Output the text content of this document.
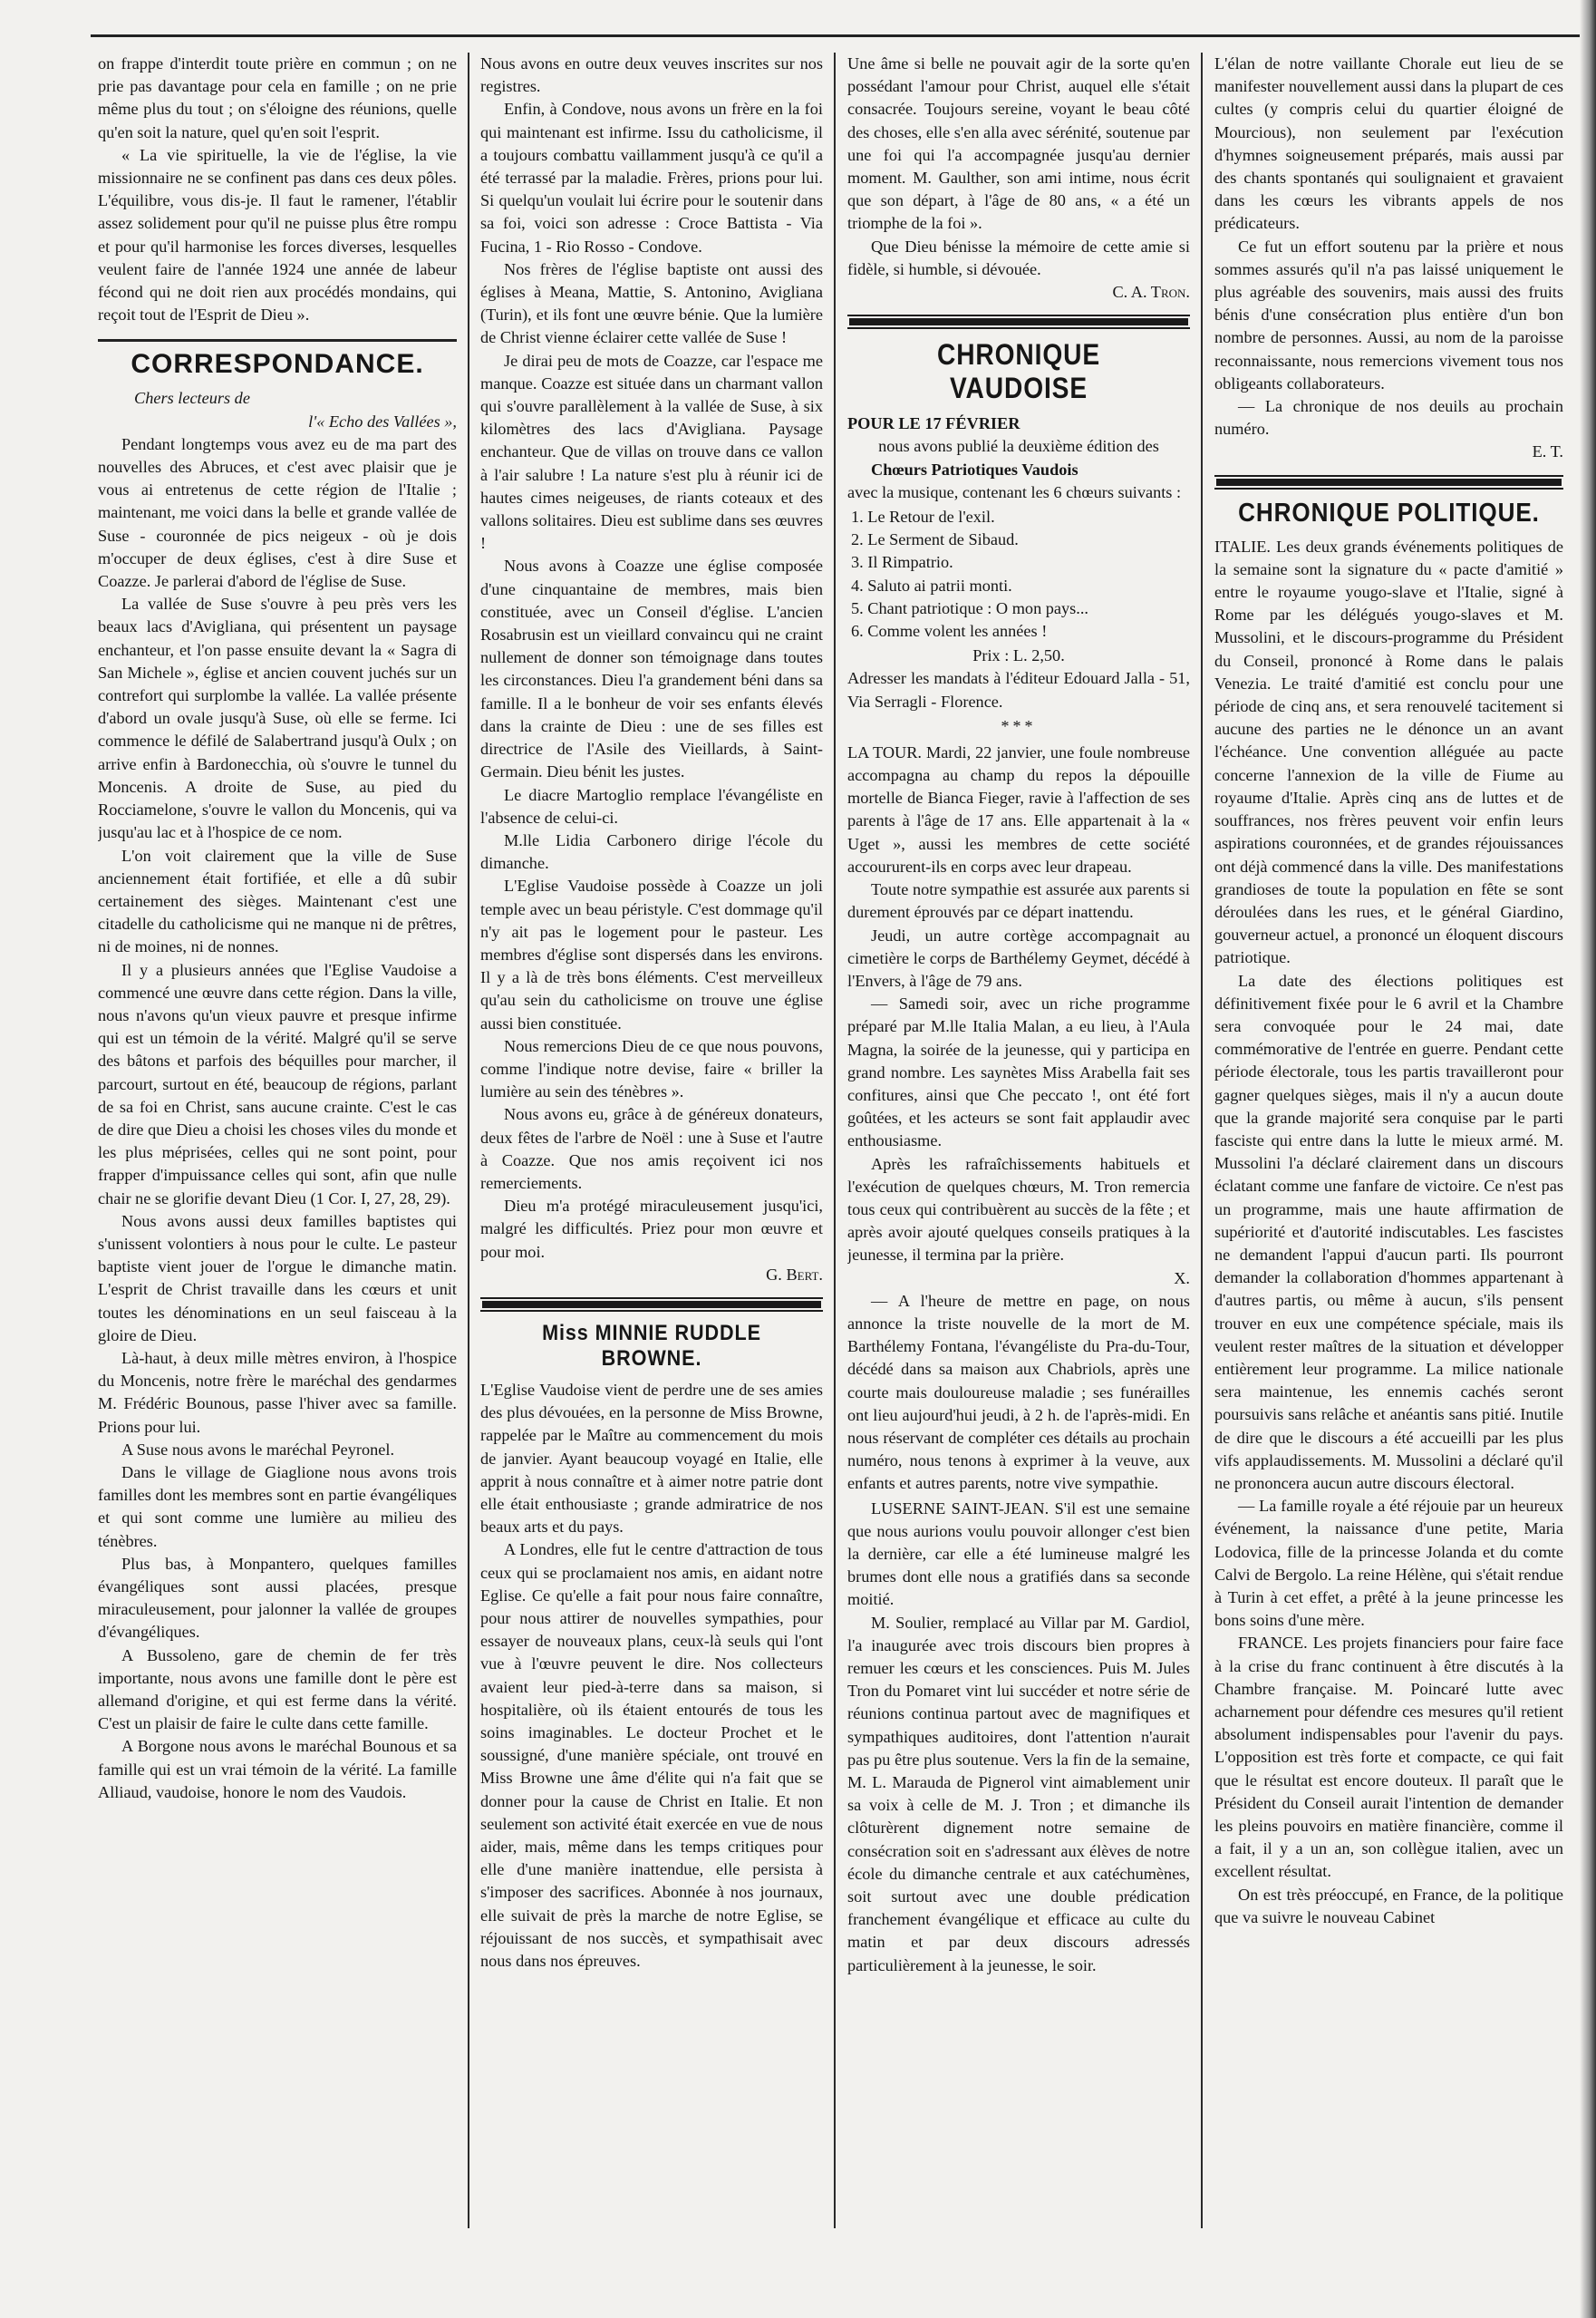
on frappe d'interdit toute prière en commun ; on ne prie pas davantage pour cela en famille ; on ne prie même plus du tout ; on s'éloigne des réunions, quelle qu'en soit la nature, quel qu'en soit l'esprit.

« La vie spirituelle, la vie de l'église, la vie missionnaire ne se confinent pas dans ces deux pôles. L'équilibre, vous dis-je. Il faut le ramener, l'établir assez solidement pour qu'il ne puisse plus être rompu et pour qu'il harmonise les forces diverses, lesquelles veulent faire de l'année 1924 une année de labeur fécond qui ne doit rien aux procédés mondains, qui reçoit tout de l'Esprit de Dieu ».

CORRESPONDANCE.

Chers lecteurs de

l'« Echo des Vallées »,

Pendant longtemps vous avez eu de ma part des nouvelles des Abruces, et c'est avec plaisir que je vous ai entretenus de cette région de l'Italie ; maintenant, me voici dans la belle et grande vallée de Suse - couronnée de pics neigeux - où je dois m'occuper de deux églises, c'est à dire Suse et Coazze. Je parlerai d'abord de l'église de Suse.

La vallée de Suse s'ouvre à peu près vers les beaux lacs d'Avigliana, qui présentent un paysage enchanteur, et l'on passe ensuite devant la « Sagra di San Michele », église et ancien couvent juchés sur un contrefort qui surplombe la vallée. La vallée présente d'abord un ovale jusqu'à Suse, où elle se ferme. Ici commence le défilé de Salabertrand jusqu'à Oulx ; on arrive enfin à Bardonecchia, où s'ouvre le tunnel du Moncenis. A droite de Suse, au pied du Rocciamelone, s'ouvre le vallon du Moncenis, qui va jusqu'au lac et à l'hospice de ce nom.

L'on voit clairement que la ville de Suse anciennement était fortifiée, et elle a dû subir certainement des sièges. Maintenant c'est une citadelle du catholicisme qui ne manque ni de prêtres, ni de moines, ni de nonnes.

Il y a plusieurs années que l'Eglise Vaudoise a commencé une œuvre dans cette région. Dans la ville, nous n'avons qu'un vieux pauvre et presque infirme qui est un témoin de la vérité. Malgré qu'il se serve des bâtons et parfois des béquilles pour marcher, il parcourt, surtout en été, beaucoup de régions, parlant de sa foi en Christ, sans aucune crainte. C'est le cas de dire que Dieu a choisi les choses viles du monde et les plus méprisées, celles qui ne sont point, pour frapper d'impuissance celles qui sont, afin que nulle chair ne se glorifie devant Dieu (1 Cor. I, 27, 28, 29).

Nous avons aussi deux familles baptistes qui s'unissent volontiers à nous pour le culte. Le pasteur baptiste vient jouer de l'orgue le dimanche matin. L'esprit de Christ travaille dans les cœurs et unit toutes les dénominations en un seul faisceau à la gloire de Dieu.

Là-haut, à deux mille mètres environ, à l'hospice du Moncenis, notre frère le maréchal des gendarmes M. Frédéric Bounous, passe l'hiver avec sa famille. Prions pour lui.

A Suse nous avons le maréchal Peyronel.

Dans le village de Giaglione nous avons trois familles dont les membres sont en partie évangéliques et qui sont comme une lumière au milieu des ténèbres.

Plus bas, à Monpantero, quelques familles évangéliques sont aussi placées, presque miraculeusement, pour jalonner la vallée de groupes d'évangéliques.

A Bussoleno, gare de chemin de fer très importante, nous avons une famille dont le père est allemand d'origine, et qui est ferme dans la vérité. C'est un plaisir de faire le culte dans cette famille.

A Borgone nous avons le maréchal Bounous et sa famille qui est un vrai témoin de la vérité. La famille Alliaud, vaudoise, honore le nom des Vaudois.

Nous avons en outre deux veuves inscrites sur nos registres.

Enfin, à Condove, nous avons un frère en la foi qui maintenant est infirme. Issu du catholicisme, il a toujours combattu vaillamment jusqu'à ce qu'il a été terrassé par la maladie. Frères, prions pour lui. Si quelqu'un voulait lui écrire pour le soutenir dans sa foi, voici son adresse : Croce Battista - Via Fucina, 1 - Rio Rosso - Condove.

Nos frères de l'église baptiste ont aussi des églises à Meana, Mattie, S. Antonino, Avigliana (Turin), et ils font une œuvre bénie. Que la lumière de Christ vienne éclairer cette vallée de Suse !

Je dirai peu de mots de Coazze, car l'espace me manque. Coazze est située dans un charmant vallon qui s'ouvre parallèlement à la vallée de Suse, à six kilomètres des lacs d'Avigliana. Paysage enchanteur. Que de villas on trouve dans ce vallon à l'air salubre ! La nature s'est plu à réunir ici de hautes cimes neigeuses, de riants coteaux et des vallons solitaires. Dieu est sublime dans ses œuvres !

Nous avons à Coazze une église composée d'une cinquantaine de membres, mais bien constituée, avec un Conseil d'église. L'ancien Rosabrusin est un vieillard convaincu qui ne craint nullement de donner son témoignage dans toutes les circonstances. Dieu l'a grandement béni dans sa famille. Il a le bonheur de voir ses enfants élevés dans la crainte de Dieu : une de ses filles est directrice de l'Asile des Vieillards, à Saint-Germain. Dieu bénit les justes.

Le diacre Martoglio remplace l'évangéliste en l'absence de celui-ci.

M.lle Lidia Carbonero dirige l'école du dimanche.

L'Eglise Vaudoise possède à Coazze un joli temple avec un beau péristyle. C'est dommage qu'il n'y ait pas le logement pour le pasteur. Les membres d'église sont dispersés dans les environs. Il y a là de très bons éléments. C'est merveilleux qu'au sein du catholicisme on trouve une église aussi bien constituée.

Nous remercions Dieu de ce que nous pouvons, comme l'indique notre devise, faire « briller la lumière au sein des ténèbres ».

Nous avons eu, grâce à de généreux donateurs, deux fêtes de l'arbre de Noël : une à Suse et l'autre à Coazze. Que nos amis reçoivent ici nos remerciements.

Dieu m'a protégé miraculeusement jusqu'ici, malgré les difficultés. Priez pour mon œuvre et pour moi.

G. Bert.

Miss MINNIE RUDDLE BROWNE.

L'Eglise Vaudoise vient de perdre une de ses amies des plus dévouées, en la personne de Miss Browne, rappelée par le Maître au commencement du mois de janvier. Ayant beaucoup voyagé en Italie, elle apprit à nous connaître et à aimer notre patrie dont elle était enthousiaste ; grande admiratrice de nos beaux arts et du pays.

A Londres, elle fut le centre d'attraction de tous ceux qui se proclamaient nos amis, en aidant notre Eglise. Ce qu'elle a fait pour nous faire connaître, pour nous attirer de nouvelles sympathies, pour essayer de nouveaux plans, ceux-là seuls qui l'ont vue à l'œuvre peuvent le dire. Nos collecteurs avaient leur pied-à-terre dans sa maison, si hospitalière, où ils étaient entourés de tous les soins imaginables. Le docteur Prochet et le soussigné, d'une manière spéciale, ont trouvé en Miss Browne une âme d'élite qui n'a fait que se donner pour la cause de Christ en Italie. Et non seulement son activité était exercée en vue de nous aider, mais, même dans les temps critiques pour elle d'une manière inattendue, elle persista à s'imposer des sacrifices. Abonnée à nos journaux, elle suivait de près la marche de notre Eglise, se réjouissant de nos succès, et sympathisait avec nous dans nos épreuves.

Une âme si belle ne pouvait agir de la sorte qu'en possédant l'amour pour Christ, auquel elle s'était consacrée. Toujours sereine, voyant le beau côté des choses, elle s'en alla avec sérénité, soutenue par une foi qui l'a accompagnée jusqu'au dernier moment. M. Gaulther, son ami intime, nous écrit que son départ, à l'âge de 80 ans, « a été un triomphe de la foi ».

Que Dieu bénisse la mémoire de cette amie si fidèle, si humble, si dévouée.

C. A. Tron.

CHRONIQUE VAUDOISE

POUR LE 17 FÉVRIER

nous avons publié la deuxième édition des

Chœurs Patriotiques Vaudois

avec la musique, contenant les 6 chœurs suivants :

1. Le Retour de l'exil.
2. Le Serment de Sibaud.
3. Il Rimpatrio.
4. Saluto ai patrii monti.
5. Chant patriotique : O mon pays...
6. Comme volent les années !

Prix : L. 2,50.

Adresser les mandats à l'éditeur Edouard Jalla - 51, Via Serragli - Florence.

***

LA TOUR. Mardi, 22 janvier, une foule nombreuse accompagna au champ du repos la dépouille mortelle de Bianca Fieger, ravie à l'affection de ses parents à l'âge de 17 ans. Elle appartenait à la « Uget », aussi les membres de cette société accoururent-ils en corps avec leur drapeau.

Toute notre sympathie est assurée aux parents si durement éprouvés par ce départ inattendu.

Jeudi, un autre cortège accompagnait au cimetière le corps de Barthélemy Geymet, décédé à l'Envers, à l'âge de 79 ans.

— Samedi soir, avec un riche programme préparé par M.lle Italia Malan, a eu lieu, à l'Aula Magna, la soirée de la jeunesse, qui y participa en grand nombre. Les saynètes Miss Arabella fait ses confitures, ainsi que Che peccato !, ont été fort goûtées, et les acteurs se sont fait applaudir avec enthousiasme.

Après les rafraîchissements habituels et l'exécution de quelques chœurs, M. Tron remercia tous ceux qui contribuèrent au succès de la fête ; et après avoir ajouté quelques conseils pratiques à la jeunesse, il termina par la prière.

X.

— A l'heure de mettre en page, on nous annonce la triste nouvelle de la mort de M. Barthélemy Fontana, l'évangéliste du Pra-du-Tour, décédé dans sa maison aux Chabriols, après une courte mais douloureuse maladie ; ses funérailles ont lieu aujourd'hui jeudi, à 2 h. de l'après-midi. En nous réservant de compléter ces détails au prochain numéro, nous tenons à exprimer à la veuve, aux enfants et autres parents, notre vive sympathie.

LUSERNE SAINT-JEAN. S'il est une semaine que nous aurions voulu pouvoir allonger c'est bien la dernière, car elle a été lumineuse malgré les brumes dont elle nous a gratifiés dans sa seconde moitié.

M. Soulier, remplacé au Villar par M. Gardiol, l'a inaugurée avec trois discours bien propres à remuer les cœurs et les consciences. Puis M. Jules Tron du Pomaret vint lui succéder et notre série de réunions continua partout avec de magnifiques et sympathiques auditoires, dont l'attention n'aurait pas pu être plus soutenue. Vers la fin de la semaine, M. L. Marauda de Pignerol vint aimablement unir sa voix à celle de M. J. Tron ; et dimanche ils clôturèrent dignement notre semaine de consécration soit en s'adressant aux élèves de notre école du dimanche centrale et aux catéchumènes, soit surtout avec une double prédication franchement évangélique et efficace au culte du matin et par deux discours adressés particulièrement à la jeunesse, le soir.

L'élan de notre vaillante Chorale eut lieu de se manifester nouvellement aussi dans la plupart de ces cultes (y compris celui du quartier éloigné de Mourcious), non seulement par l'exécution d'hymnes soigneusement préparés, mais aussi par des chants spontanés qui soulignaient et gravaient dans les cœurs les vibrants appels de nos prédicateurs.

Ce fut un effort soutenu par la prière et nous sommes assurés qu'il n'a pas laissé uniquement le plus agréable des souvenirs, mais aussi des fruits bénis d'une consécration plus entière d'un bon nombre de personnes. Aussi, au nom de la paroisse reconnaissante, nous remercions vivement tous nos obligeants collaborateurs.

— La chronique de nos deuils au prochain numéro.

E. T.

CHRONIQUE POLITIQUE.

ITALIE. Les deux grands événements politiques de la semaine sont la signature du « pacte d'amitié » entre le royaume yougo-slave et l'Italie, signé à Rome par les délégués yougo-slaves et M. Mussolini, et le discours-programme du Président du Conseil, prononcé à Rome dans le palais Venezia. Le traité d'amitié est conclu pour une période de cinq ans, et sera renouvelé tacitement si aucune des parties ne le dénonce un an avant l'échéance. Une convention alléguée au pacte concerne l'annexion de la ville de Fiume au royaume d'Italie. Après cinq ans de luttes et de souffrances, nos frères peuvent voir enfin leurs aspirations couronnées, et de grandes réjouissances ont déjà commencé dans la ville. Des manifestations grandioses de toute la population en fête se sont déroulées dans les rues, et le général Giardino, gouverneur actuel, a prononcé un éloquent discours patriotique.

La date des élections politiques est définitivement fixée pour le 6 avril et la Chambre sera convoquée pour le 24 mai, date commémorative de l'entrée en guerre. Pendant cette période électorale, tous les partis travailleront pour gagner quelques sièges, mais il n'y a aucun doute que la grande majorité sera conquise par le parti fasciste qui entre dans la lutte le mieux armé. M. Mussolini l'a déclaré clairement dans un discours éclatant comme une fanfare de victoire. Ce n'est pas un programme, mais une haute affirmation de supériorité et d'autorité indiscutables. Les fascistes ne demandent l'appui d'aucun parti. Ils pourront demander la collaboration d'hommes appartenant à d'autres partis, ou même à aucun, s'ils pensent trouver en eux une compétence spéciale, mais ils veulent rester maîtres de la situation et développer entièrement leur programme. La milice nationale sera maintenue, les ennemis cachés seront poursuivis sans relâche et anéantis sans pitié. Inutile de dire que le discours a été accueilli par les plus vifs applaudissements. M. Mussolini a déclaré qu'il ne prononcera aucun autre discours électoral.

— La famille royale a été réjouie par un heureux événement, la naissance d'une petite, Maria Lodovica, fille de la princesse Jolanda et du comte Calvi de Bergolo. La reine Hélène, qui s'était rendue à Turin à cet effet, a prêté à la jeune princesse les bons soins d'une mère.

FRANCE. Les projets financiers pour faire face à la crise du franc continuent à être discutés à la Chambre française. M. Poincaré lutte avec acharnement pour défendre ces mesures qu'il retient absolument indispensables pour l'avenir du pays. L'opposition est très forte et compacte, ce qui fait que le résultat est encore douteux. Il paraît que le Président du Conseil aurait l'intention de demander les pleins pouvoirs en matière financière, comme il a fait, il y a un an, son collègue italien, avec un excellent résultat.

On est très préoccupé, en France, de la politique que va suivre le nouveau Cabinet
